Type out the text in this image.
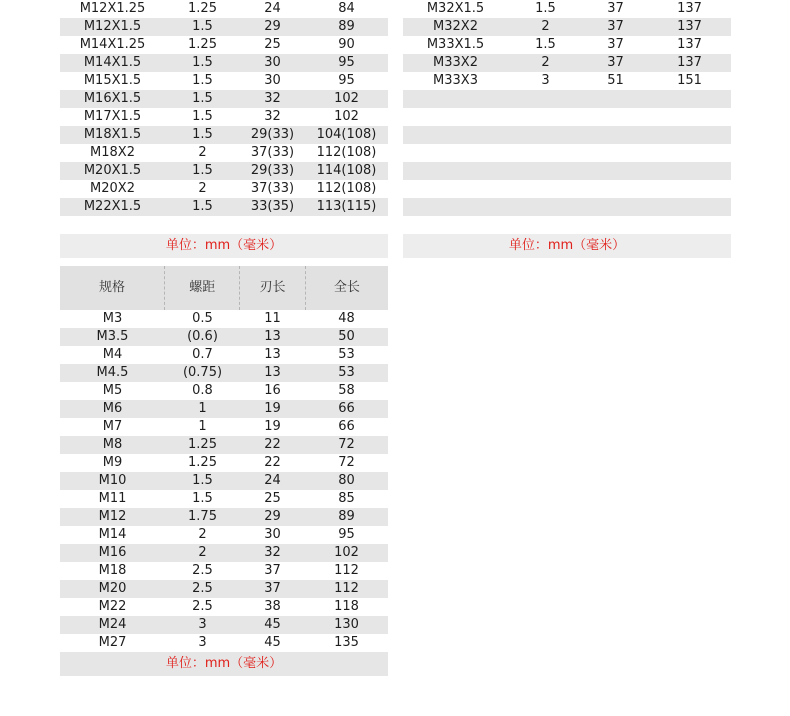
M12X1.25	1.25	24	84
M12X1.5	1.5	29	89
M14X1.25	1.25	25	90
M14X1.5	1.5	30	95
M15X1.5	1.5	30	95
M16X1.5	1.5	32	102
M17X1.5	1.5	32	102
M18X1.5	1.5	29(33)	104(108)
M18X2	2	37(33)	112(108)
M20X1.5	1.5	29(33)	114(108)
M20X2	2	37(33)	112(108)
M22X1.5	1.5	33(35)	113(115)
单位：mm（毫米）
M32X1.5	1.5	37	137
M32X2	2	37	137
M33X1.5	1.5	37	137
M33X2	2	37	137
M33X3	3	51	151
单位：mm（毫米）
规格	螺距	刃长	全长
M3	0.5	11	48
M3.5	(0.6)	13	50
M4	0.7	13	53
M4.5	(0.75)	13	53
M5	0.8	16	58
M6	1	19	66
M7	1	19	66
M8	1.25	22	72
M9	1.25	22	72
M10	1.5	24	80
M11	1.5	25	85
M12	1.75	29	89
M14	2	30	95
M16	2	32	102
M18	2.5	37	112
M20	2.5	37	112
M22	2.5	38	118
M24	3	45	130
M27	3	45	135
单位：mm（毫米）
